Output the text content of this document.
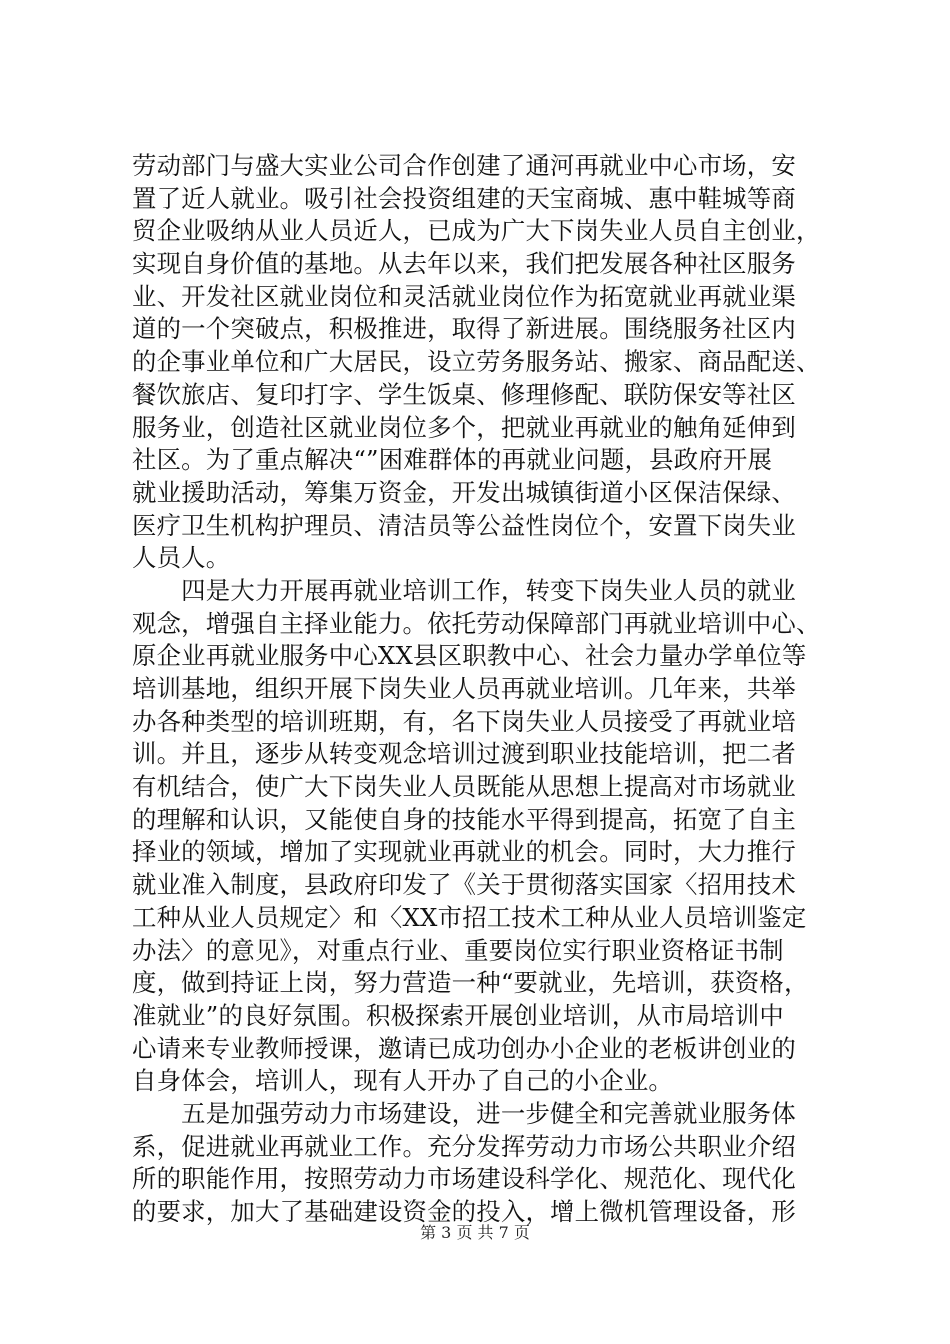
劳动部门与盛大实业公司合作创建了通河再就业中心市场，安
置了近人就业。吸引社会投资组建的天宝商城、惠中鞋城等商
贸企业吸纳从业人员近人，已成为广大下岗失业人员自主创业，
实现自身价值的基地。从去年以来，我们把发展各种社区服务
业、开发社区就业岗位和灵活就业岗位作为拓宽就业再就业渠
道的一个突破点，积极推进，取得了新进展。围绕服务社区内
的企事业单位和广大居民，设立劳务服务站、搬家、商品配送、
餐饮旅店、复印打字、学生饭桌、修理修配、联防保安等社区
服务业，创造社区就业岗位多个，把就业再就业的触角延伸到
社区。为了重点解决“”困难群体的再就业问题，县政府开展
就业援助活动，筹集万资金，开发出城镇街道小区保洁保绿、
医疗卫生机构护理员、清洁员等公益性岗位个，安置下岗失业
人员人。
　　四是大力开展再就业培训工作，转变下岗失业人员的就业
观念，增强自主择业能力。依托劳动保障部门再就业培训中心、
原企业再就业服务中心XX县区职教中心、社会力量办学单位等
培训基地，组织开展下岗失业人员再就业培训。几年来，共举
办各种类型的培训班期，有，名下岗失业人员接受了再就业培
训。并且，逐步从转变观念培训过渡到职业技能培训，把二者
有机结合，使广大下岗失业人员既能从思想上提高对市场就业
的理解和认识，又能使自身的技能水平得到提高，拓宽了自主
择业的领域，增加了实现就业再就业的机会。同时，大力推行
就业准入制度，县政府印发了《关于贯彻落实国家〈招用技术
工种从业人员规定〉和〈XX市招工技术工种从业人员培训鉴定
办法〉的意见》，对重点行业、重要岗位实行职业资格证书制
度，做到持证上岗，努力营造一种“要就业，先培训，获资格，
准就业”的良好氛围。积极探索开展创业培训，从市局培训中
心请来专业教师授课，邀请已成功创办小企业的老板讲创业的
自身体会，培训人，现有人开办了自己的小企业。
　　五是加强劳动力市场建设，进一步健全和完善就业服务体
系，促进就业再就业工作。充分发挥劳动力市场公共职业介绍
所的职能作用，按照劳动力市场建设科学化、规范化、现代化
的要求，加大了基础建设资金的投入，增上微机管理设备，形
第 3 页 共 7 页
